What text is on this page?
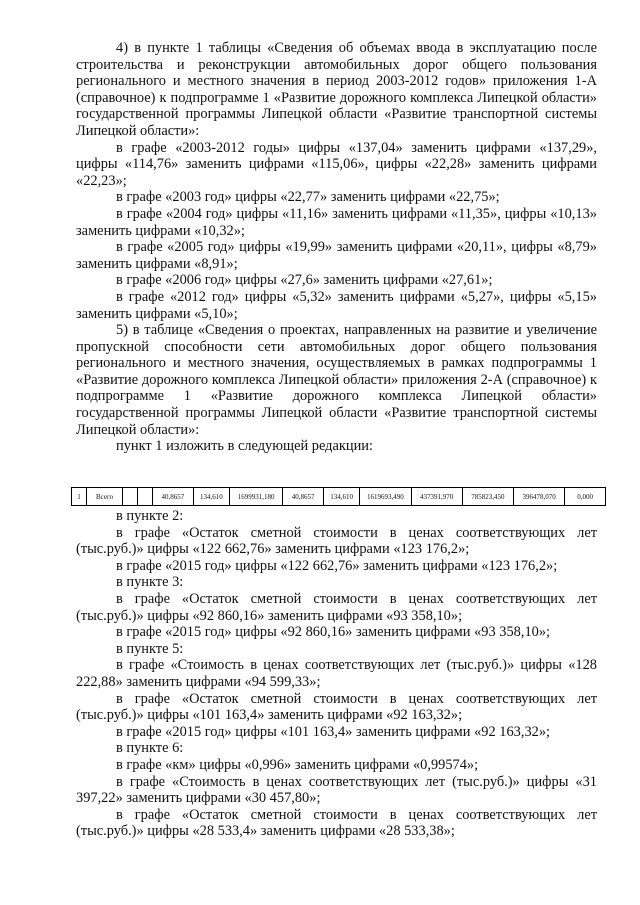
4) в пункте 1 таблицы «Сведения об объемах ввода в эксплуатацию после строительства и реконструкции автомобильных дорог общего пользования регионального и местного значения в период 2003-2012 годов» приложения 1-А (справочное) к подпрограмме 1 «Развитие дорожного комплекса Липецкой области» государственной программы Липецкой области «Развитие транспортной системы Липецкой области»:

в графе «2003-2012 годы» цифры «137,04» заменить цифрами «137,29», цифры «114,76» заменить цифрами «115,06», цифры «22,28» заменить цифрами «22,23»;

в графе «2003 год» цифры «22,77» заменить цифрами «22,75»;

в графе «2004 год» цифры «11,16» заменить цифрами «11,35», цифры «10,13» заменить цифрами «10,32»;

в графе «2005 год» цифры «19,99» заменить цифрами «20,11», цифры «8,79» заменить цифрами «8,91»;

в графе «2006 год» цифры «27,6» заменить цифрами «27,61»;

в графе «2012 год» цифры «5,32» заменить цифрами «5,27», цифры «5,15» заменить цифрами «5,10»;

5) в таблице «Сведения о проектах, направленных на развитие и увеличение пропускной способности сети автомобильных дорог общего пользования регионального и местного значения, осуществляемых в рамках подпрограммы 1 «Развитие дорожного комплекса Липецкой области» приложения 2-А (справочное) к подпрограмме 1 «Развитие дорожного комплекса Липецкой области» государственной программы Липецкой области «Развитие транспортной системы Липецкой области»:

пункт 1 изложить в следующей редакции:

1	Всего			40,8657	134,610	1699931,180	40,8657	134,610	1619693,490	437391,970	785823,450	396478,070	0,000

в пункте 2:

в графе «Остаток сметной стоимости в ценах соответствующих лет (тыс.руб.)» цифры «122 662,76» заменить цифрами «123 176,2»;

в графе «2015 год» цифры «122 662,76» заменить цифрами «123 176,2»;

в пункте 3:

в графе «Остаток сметной стоимости в ценах соответствующих лет (тыс.руб.)» цифры «92 860,16» заменить цифрами «93 358,10»;

в графе «2015 год» цифры «92 860,16» заменить цифрами «93 358,10»;

в пункте 5:

в графе «Стоимость в ценах соответствующих лет (тыс.руб.)» цифры «128 222,88» заменить цифрами «94 599,33»;

в графе «Остаток сметной стоимости в ценах соответствующих лет (тыс.руб.)» цифры «101 163,4» заменить цифрами «92 163,32»;

в графе «2015 год» цифры «101 163,4» заменить цифрами «92 163,32»;

в пункте 6:

в графе «км» цифры «0,996» заменить цифрами «0,99574»;

в графе «Стоимость в ценах соответствующих лет (тыс.руб.)» цифры «31 397,22» заменить цифрами «30 457,80»;

в графе «Остаток сметной стоимости в ценах соответствующих лет (тыс.руб.)» цифры «28 533,4» заменить цифрами «28 533,38»;
